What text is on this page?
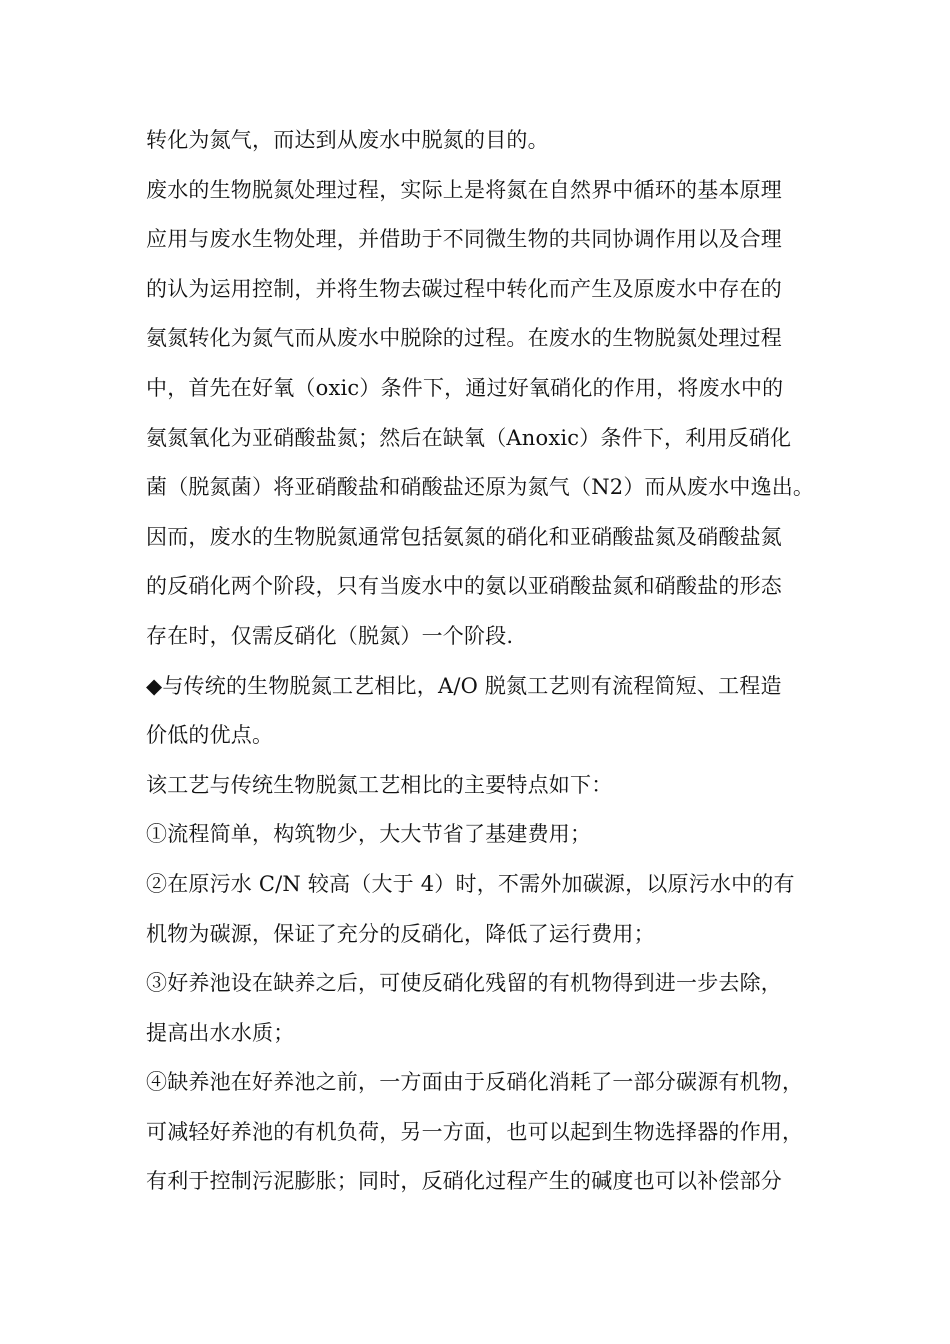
转化为氮气，而达到从废水中脱氮的目的。
废水的生物脱氮处理过程，实际上是将氮在自然界中循环的基本原理
应用与废水生物处理，并借助于不同微生物的共同协调作用以及合理
的认为运用控制，并将生物去碳过程中转化而产生及原废水中存在的
氨氮转化为氮气而从废水中脱除的过程。在废水的生物脱氮处理过程
中，首先在好氧（oxic）条件下，通过好氧硝化的作用，将废水中的
氨氮氧化为亚硝酸盐氮；然后在缺氧（Anoxic）条件下，利用反硝化
菌（脱氮菌）将亚硝酸盐和硝酸盐还原为氮气（N2）而从废水中逸出。
因而，废水的生物脱氮通常包括氨氮的硝化和亚硝酸盐氮及硝酸盐氮
的反硝化两个阶段，只有当废水中的氨以亚硝酸盐氮和硝酸盐的形态
存在时，仅需反硝化（脱氮）一个阶段.
◆与传统的生物脱氮工艺相比，A/O 脱氮工艺则有流程简短、工程造
价低的优点。
该工艺与传统生物脱氮工艺相比的主要特点如下：
①流程简单，构筑物少，大大节省了基建费用；
②在原污水 C/N 较高（大于 4）时，不需外加碳源，以原污水中的有
机物为碳源，保证了充分的反硝化，降低了运行费用；
③好养池设在缺养之后，可使反硝化残留的有机物得到进一步去除，
提高出水水质；
④缺养池在好养池之前，一方面由于反硝化消耗了一部分碳源有机物，
可减轻好养池的有机负荷，另一方面，也可以起到生物选择器的作用，
有利于控制污泥膨胀；同时，反硝化过程产生的碱度也可以补偿部分
